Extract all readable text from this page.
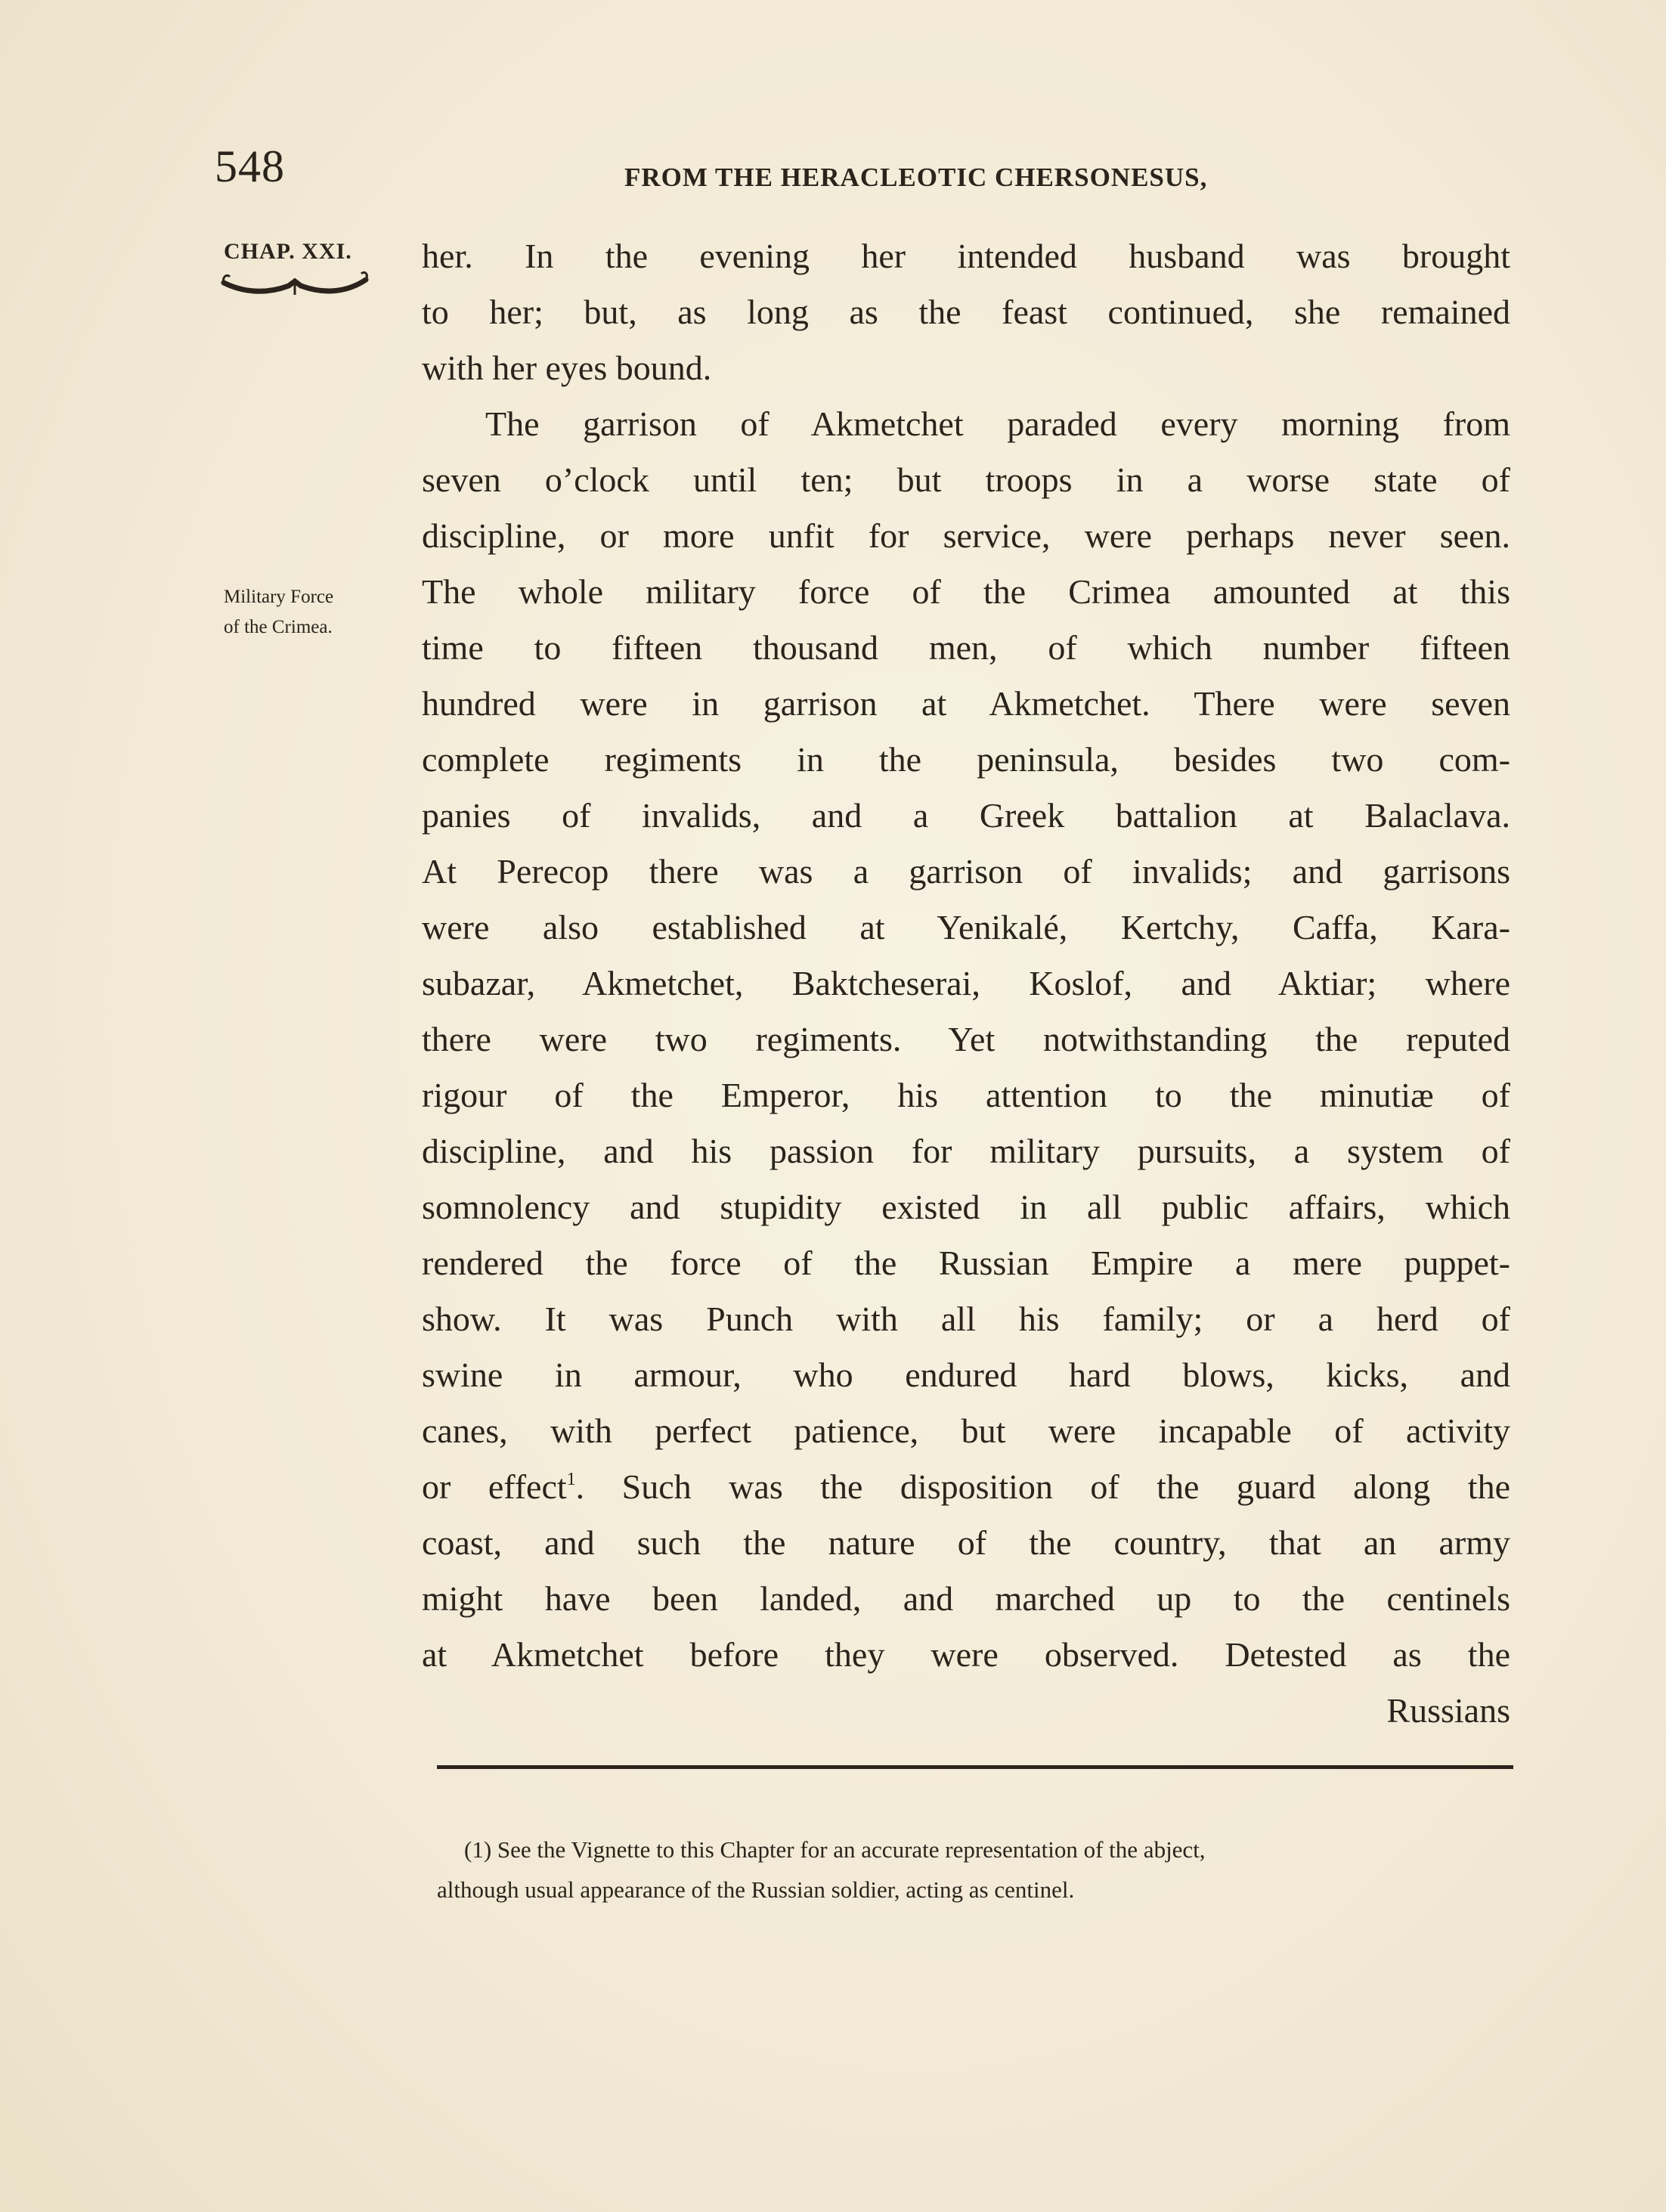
548	FROM THE HERACLEOTIC CHERSONESUS,
CHAP. XXI.
Military Force
of the Crimea.
her. In the evening her intended husband was brought
to her; but, as long as the feast continued, she remained
with her eyes bound.
The garrison of Akmetchet paraded every morning from
seven o’clock until ten; but troops in a worse state of
discipline, or more unfit for service, were perhaps never seen.
The whole military force of the Crimea amounted at this
time to fifteen thousand men, of which number fifteen
hundred were in garrison at Akmetchet. There were seven
complete regiments in the peninsula, besides two com-
panies of invalids, and a Greek battalion at Balaclava.
At Perecop there was a garrison of invalids; and garrisons
were also established at Yenikalé, Kertchy, Caffa, Kara-
subazar, Akmetchet, Baktcheserai, Koslof, and Aktiar; where
there were two regiments. Yet notwithstanding the reputed
rigour of the Emperor, his attention to the minutiæ of
discipline, and his passion for military pursuits, a system of
somnolency and stupidity existed in all public affairs, which
rendered the force of the Russian Empire a mere puppet-
show. It was Punch with all his family; or a herd of
swine in armour, who endured hard blows, kicks, and
canes, with perfect patience, but were incapable of activity
or effect$^1$. Such was the disposition of the guard along the
coast, and such the nature of the country, that an army
might have been landed, and marched up to the centinels
at Akmetchet before they were observed. Detested as the
Russians
(1) See the Vignette to this Chapter for an accurate representation of the abject,
although usual appearance of the Russian soldier, acting as centinel.
